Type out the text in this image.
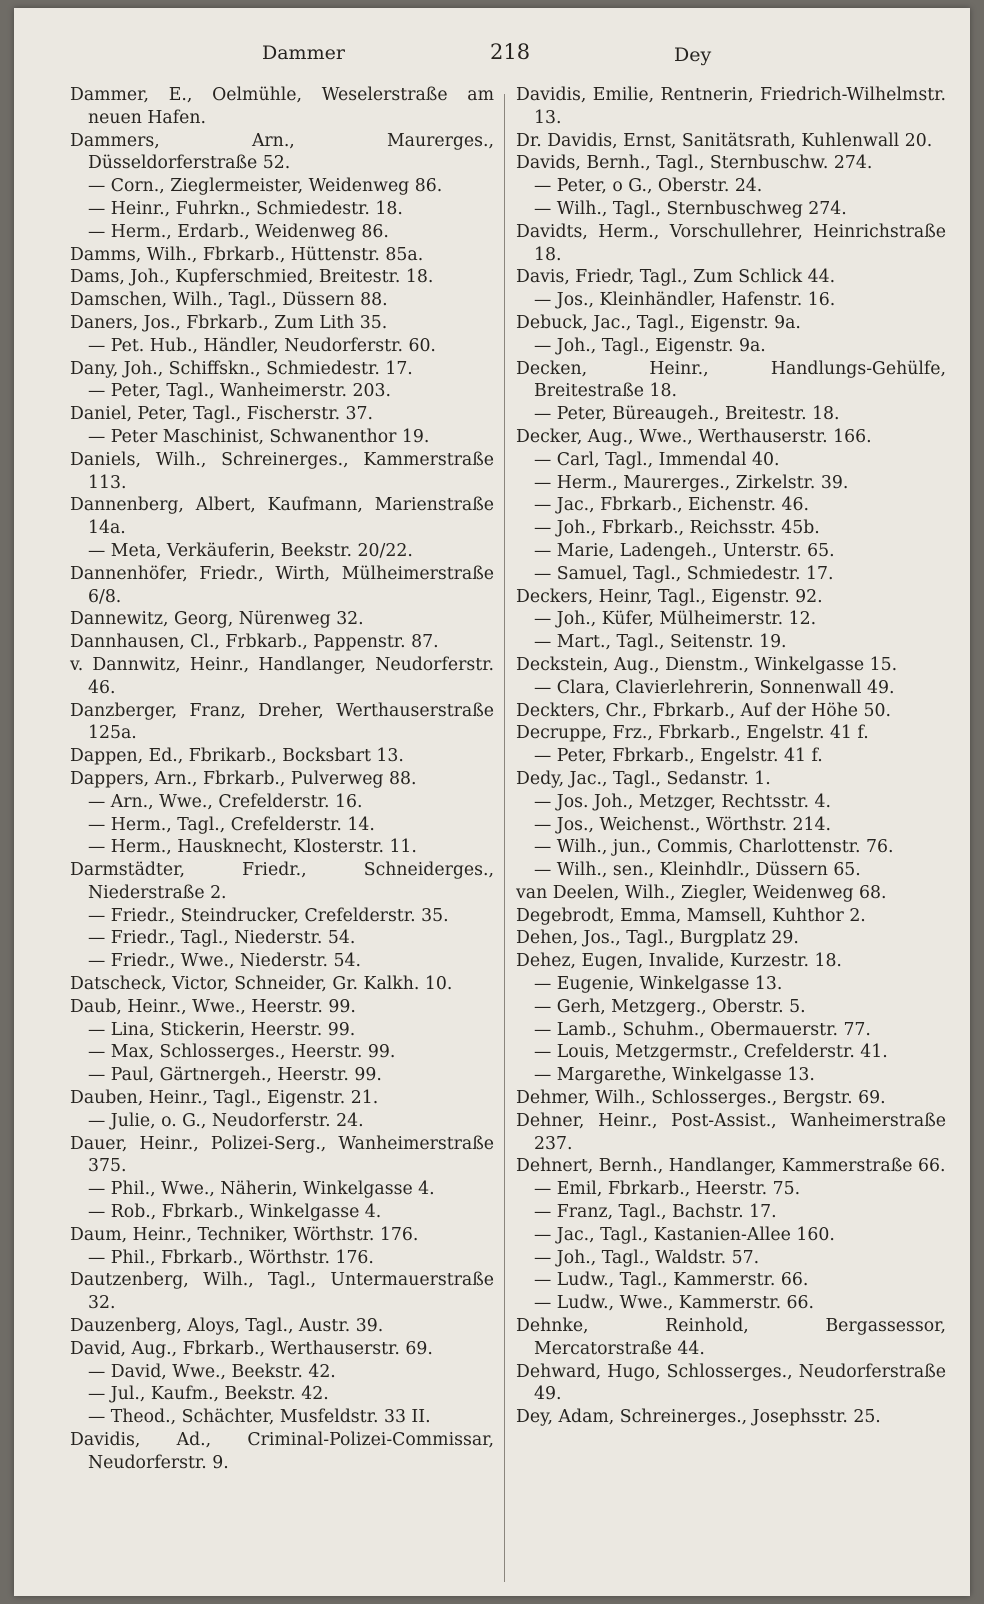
Dammer	218	Dey

Dammer, E., Oelmühle, Weselerstraße am neuen Hafen.

Dammers, Arn., Maurerges., Düsseldorferstraße 52.

— Corn., Zieglermeister, Weidenweg 86.

— Heinr., Fuhrkn., Schmiedestr. 18.

— Herm., Erdarb., Weidenweg 86.

Damms, Wilh., Fbrkarb., Hüttenstr. 85a.

Dams, Joh., Kupferschmied, Breitestr. 18.

Damschen, Wilh., Tagl., Düssern 88.

Daners, Jos., Fbrkarb., Zum Lith 35.

— Pet. Hub., Händler, Neudorferstr. 60.

Dany, Joh., Schiffskn., Schmiedestr. 17.

— Peter, Tagl., Wanheimerstr. 203.

Daniel, Peter, Tagl., Fischerstr. 37.

— Peter Maschinist, Schwanenthor 19.

Daniels, Wilh., Schreinerges., Kammerstraße 113.

Dannenberg, Albert, Kaufmann, Marienstraße 14a.

— Meta, Verkäuferin, Beekstr. 20/22.

Dannenhöfer, Friedr., Wirth, Mülheimerstraße 6/8.

Dannewitz, Georg, Nürenweg 32.

Dannhausen, Cl., Frbkarb., Pappenstr. 87.

v. Dannwitz, Heinr., Handlanger, Neudorferstr. 46.

Danzberger, Franz, Dreher, Werthauserstraße 125a.

Dappen, Ed., Fbrikarb., Bocksbart 13.

Dappers, Arn., Fbrkarb., Pulverweg 88.

— Arn., Wwe., Crefelderstr. 16.

— Herm., Tagl., Crefelderstr. 14.

— Herm., Hausknecht, Klosterstr. 11.

Darmstädter, Friedr., Schneiderges., Niederstraße 2.

— Friedr., Steindrucker, Crefelderstr. 35.

— Friedr., Tagl., Niederstr. 54.

— Friedr., Wwe., Niederstr. 54.

Datscheck, Victor, Schneider, Gr. Kalkh. 10.

Daub, Heinr., Wwe., Heerstr. 99.

— Lina, Stickerin, Heerstr. 99.

— Max, Schlosserges., Heerstr. 99.

— Paul, Gärtnergeh., Heerstr. 99.

Dauben, Heinr., Tagl., Eigenstr. 21.

— Julie, o. G., Neudorferstr. 24.

Dauer, Heinr., Polizei-Serg., Wanheimerstraße 375.

— Phil., Wwe., Näherin, Winkelgasse 4.

— Rob., Fbrkarb., Winkelgasse 4.

Daum, Heinr., Techniker, Wörthstr. 176.

— Phil., Fbrkarb., Wörthstr. 176.

Dautzenberg, Wilh., Tagl., Untermauerstraße 32.

Dauzenberg, Aloys, Tagl., Austr. 39.

David, Aug., Fbrkarb., Werthauserstr. 69.

— David, Wwe., Beekstr. 42.

— Jul., Kaufm., Beekstr. 42.

— Theod., Schächter, Musfeldstr. 33 II.

Davidis, Ad., Criminal-Polizei-Commissar, Neudorferstr. 9.

Davidis, Emilie, Rentnerin, Friedrich-Wilhelmstr. 13.

Dr. Davidis, Ernst, Sanitätsrath, Kuhlenwall 20.

Davids, Bernh., Tagl., Sternbuschw. 274.

— Peter, o G., Oberstr. 24.

— Wilh., Tagl., Sternbuschweg 274.

Davidts, Herm., Vorschullehrer, Heinrichstraße 18.

Davis, Friedr, Tagl., Zum Schlick 44.

— Jos., Kleinhändler, Hafenstr. 16.

Debuck, Jac., Tagl., Eigenstr. 9a.

— Joh., Tagl., Eigenstr. 9a.

Decken, Heinr., Handlungs-Gehülfe, Breitestraße 18.

— Peter, Büreaugeh., Breitestr. 18.

Decker, Aug., Wwe., Werthauserstr. 166.

— Carl, Tagl., Immendal 40.

— Herm., Maurerges., Zirkelstr. 39.

— Jac., Fbrkarb., Eichenstr. 46.

— Joh., Fbrkarb., Reichsstr. 45b.

— Marie, Ladengeh., Unterstr. 65.

— Samuel, Tagl., Schmiedestr. 17.

Deckers, Heinr, Tagl., Eigenstr. 92.

— Joh., Küfer, Mülheimerstr. 12.

— Mart., Tagl., Seitenstr. 19.

Deckstein, Aug., Dienstm., Winkelgasse 15.

— Clara, Clavierlehrerin, Sonnenwall 49.

Deckters, Chr., Fbrkarb., Auf der Höhe 50.

Decruppe, Frz., Fbrkarb., Engelstr. 41 f.

— Peter, Fbrkarb., Engelstr. 41 f.

Dedy, Jac., Tagl., Sedanstr. 1.

— Jos. Joh., Metzger, Rechtsstr. 4.

— Jos., Weichenst., Wörthstr. 214.

— Wilh., jun., Commis, Charlottenstr. 76.

— Wilh., sen., Kleinhdlr., Düssern 65.

van Deelen, Wilh., Ziegler, Weidenweg 68.

Degebrodt, Emma, Mamsell, Kuhthor 2.

Dehen, Jos., Tagl., Burgplatz 29.

Dehez, Eugen, Invalide, Kurzestr. 18.

— Eugenie, Winkelgasse 13.

— Gerh, Metzgerg., Oberstr. 5.

— Lamb., Schuhm., Obermauerstr. 77.

— Louis, Metzgermstr., Crefelderstr. 41.

— Margarethe, Winkelgasse 13.

Dehmer, Wilh., Schlosserges., Bergstr. 69.

Dehner, Heinr., Post-Assist., Wanheimerstraße 237.

Dehnert, Bernh., Handlanger, Kammerstraße 66.

— Emil, Fbrkarb., Heerstr. 75.

— Franz, Tagl., Bachstr. 17.

— Jac., Tagl., Kastanien-Allee 160.

— Joh., Tagl., Waldstr. 57.

— Ludw., Tagl., Kammerstr. 66.

— Ludw., Wwe., Kammerstr. 66.

Dehnke, Reinhold, Bergassessor, Mercatorstraße 44.

Dehward, Hugo, Schlosserges., Neudorferstraße 49.

Dey, Adam, Schreinerges., Josephsstr. 25.
